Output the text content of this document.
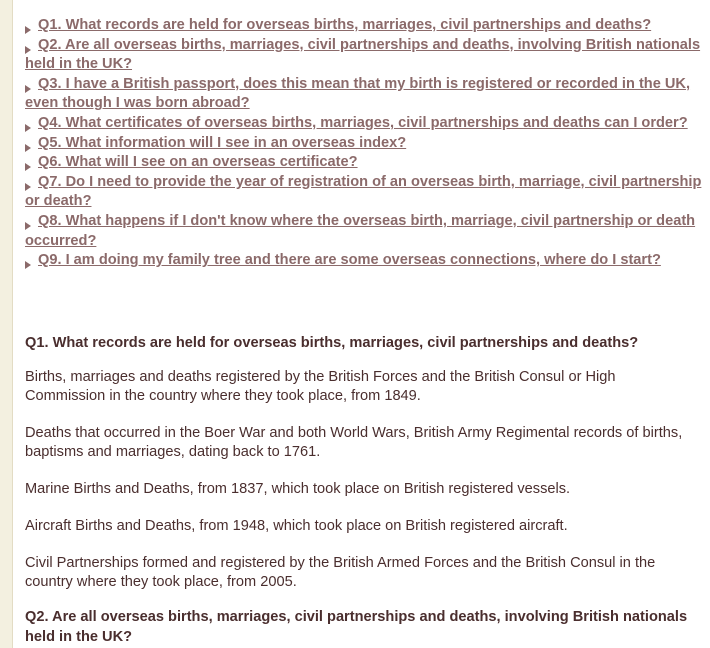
Q1. What records are held for overseas births, marriages, civil partnerships and deaths?
Q2. Are all overseas births, marriages, civil partnerships and deaths, involving British nationals held in the UK?
Q3. I have a British passport, does this mean that my birth is registered or recorded in the UK, even though I was born abroad?
Q4. What certificates of overseas births, marriages, civil partnerships and deaths can I order?
Q5. What information will I see in an overseas index?
Q6. What will I see on an overseas certificate?
Q7. Do I need to provide the year of registration of an overseas birth, marriage, civil partnership or death?
Q8. What happens if I don't know where the overseas birth, marriage, civil partnership or death occurred?
Q9. I am doing my family tree and there are some overseas connections, where do I start?
Q1. What records are held for overseas births, marriages, civil partnerships and deaths?

Births, marriages and deaths registered by the British Forces and the British Consul or High Commission in the country where they took place, from 1849.

Deaths that occurred in the Boer War and both World Wars, British Army Regimental records of births, baptisms and marriages, dating back to 1761.

Marine Births and Deaths, from 1837, which took place on British registered vessels.

Aircraft Births and Deaths, from 1948, which took place on British registered aircraft.

Civil Partnerships formed and registered by the British Armed Forces and the British Consul in the country where they took place, from 2005.

Q2. Are all overseas births, marriages, civil partnerships and deaths, involving British nationals held in the UK?
